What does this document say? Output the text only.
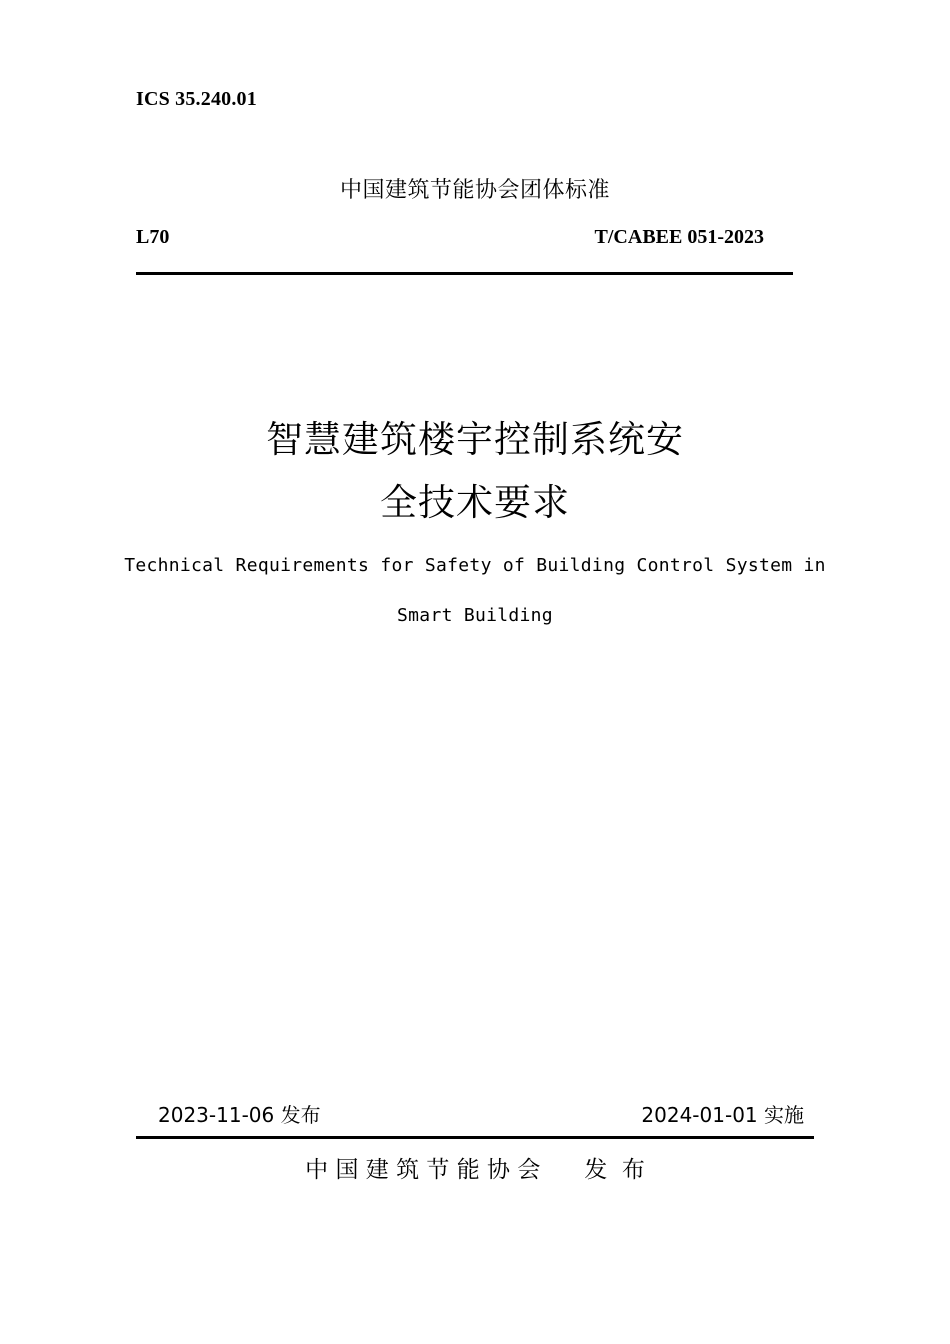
ICS 35.240.01
中国建筑节能协会团体标准
L70	T/CABEE 051-2023
智慧建筑楼宇控制系统安
全技术要求
Technical Requirements for Safety of Building Control System in
Smart Building
2023-11-06 发布	2024-01-01 实施
中 国 建 筑 节 能 协 会      发  布
